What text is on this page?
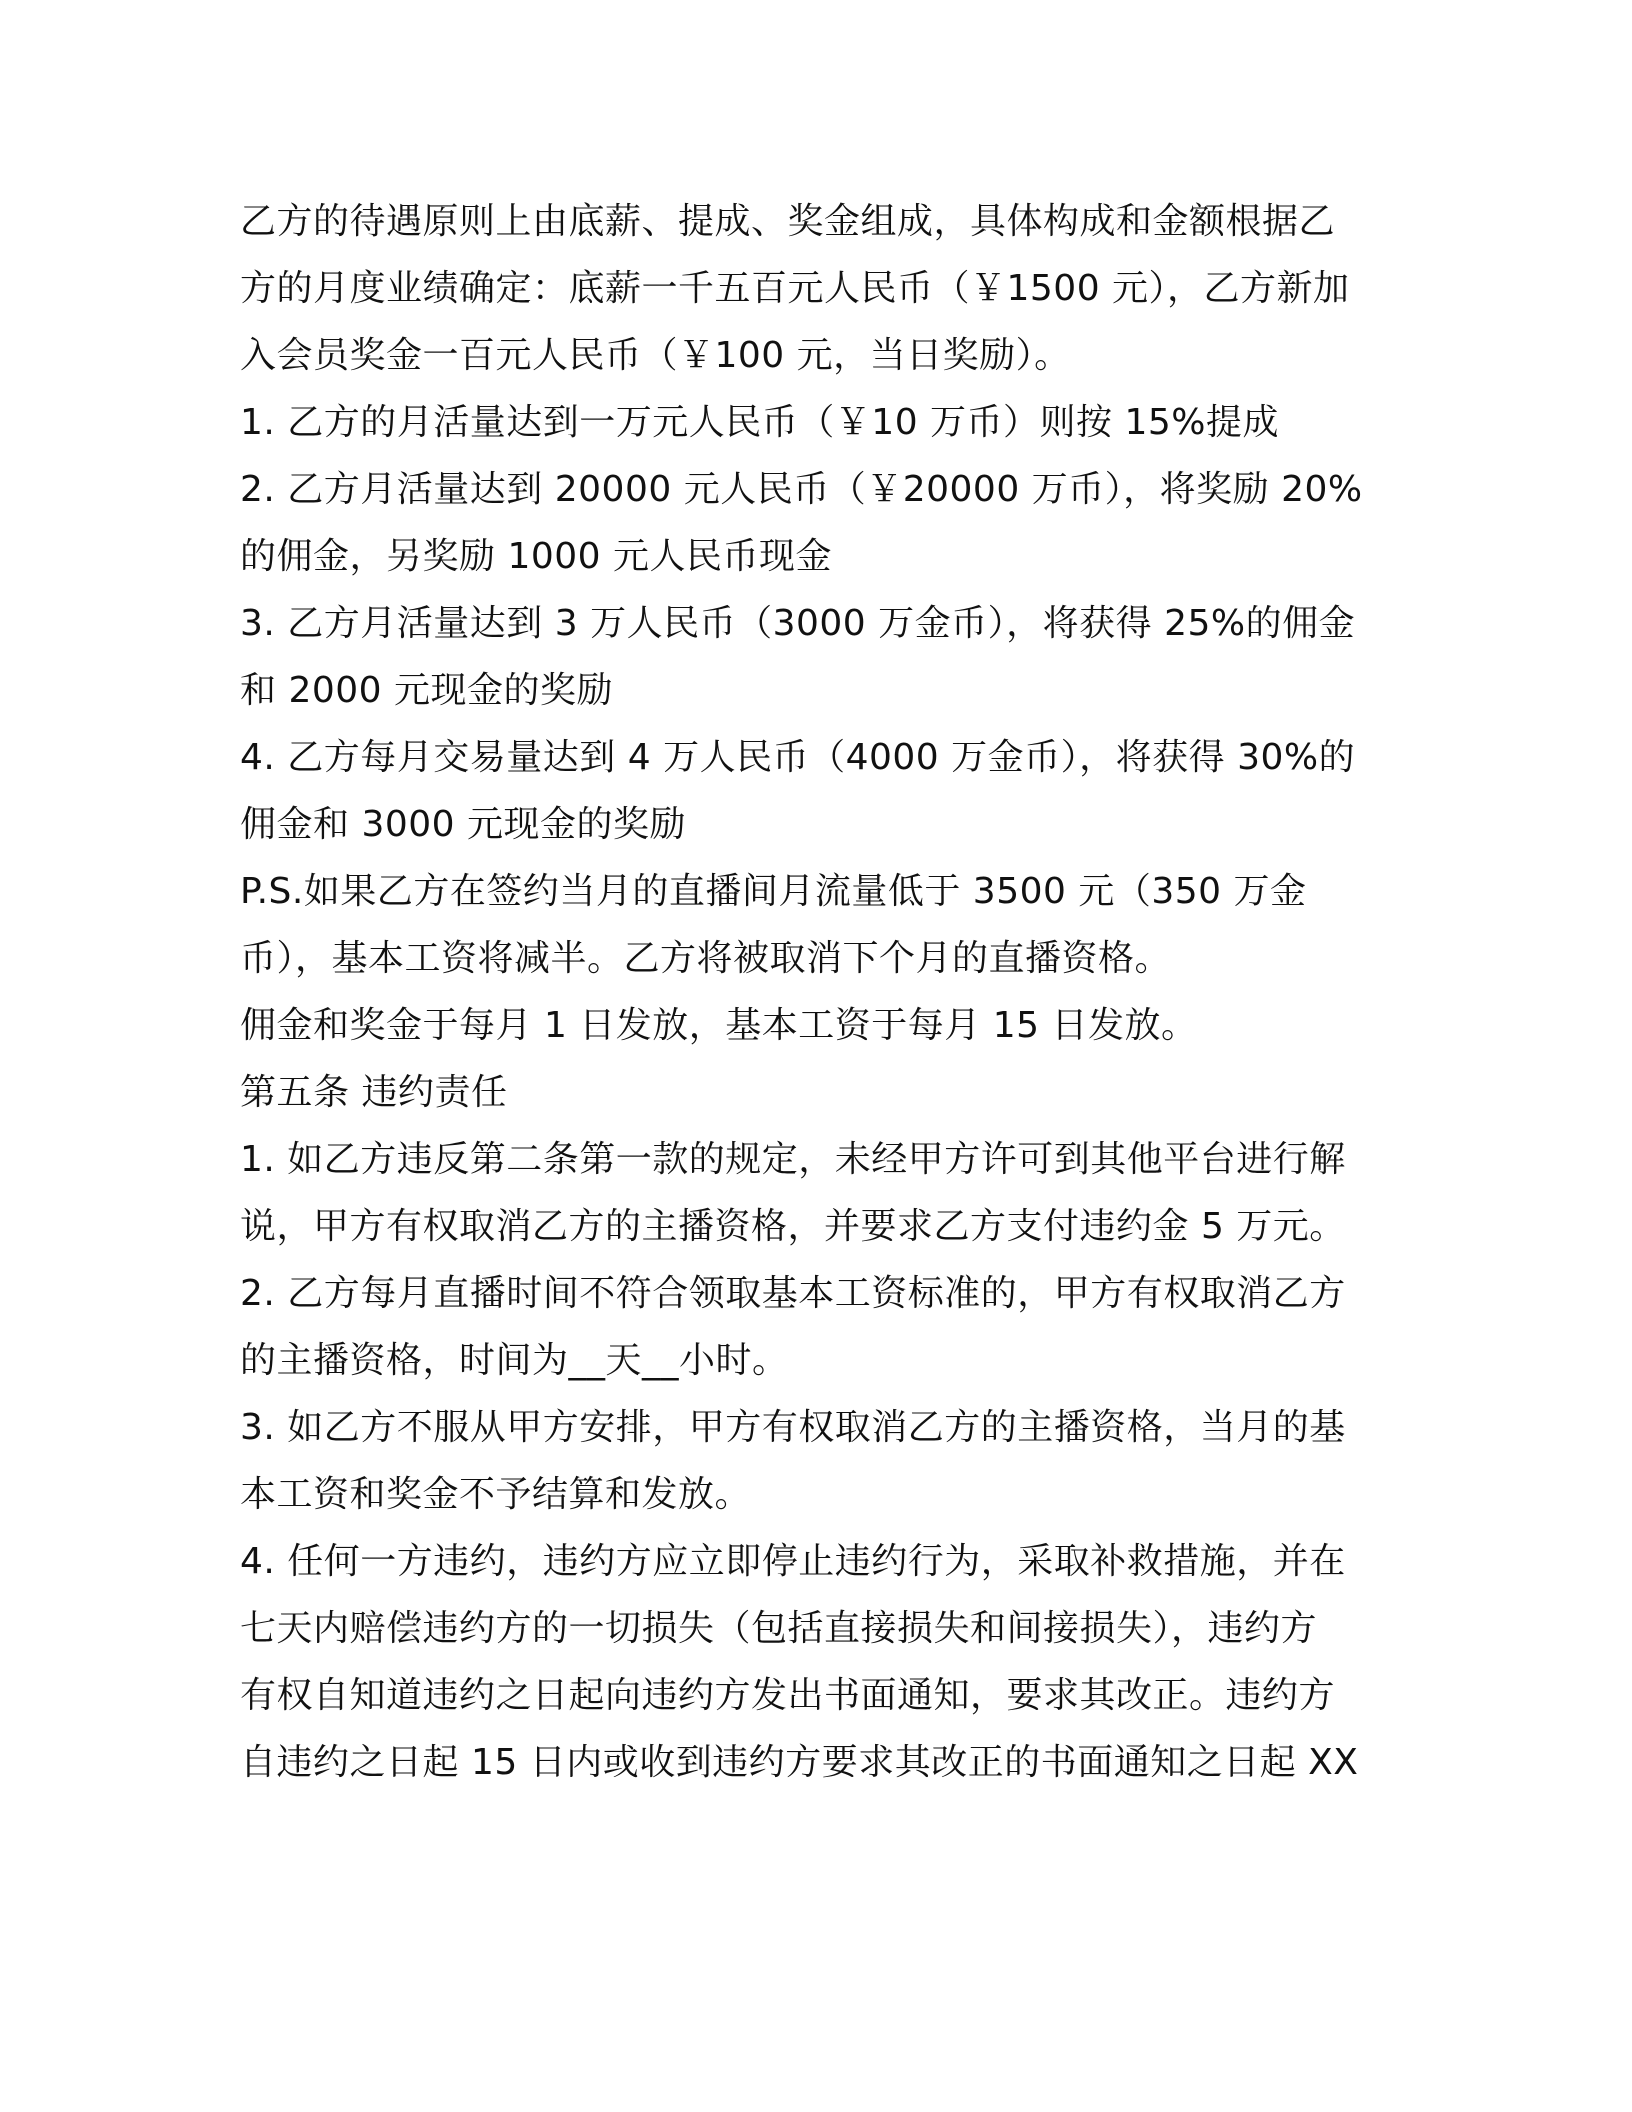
乙方的待遇原则上由底薪、提成、奖金组成，具体构成和金额根据乙
方的月度业绩确定：底薪一千五百元人民币（￥1500 元），乙方新加
入会员奖金一百元人民币（￥100 元，当日奖励）。
1. 乙方的月活量达到一万元人民币（￥10 万币）则按 15%提成
2. 乙方月活量达到 20000 元人民币（￥20000 万币），将奖励 20%
的佣金，另奖励 1000 元人民币现金
3. 乙方月活量达到 3 万人民币（3000 万金币），将获得 25%的佣金
和 2000 元现金的奖励
4. 乙方每月交易量达到 4 万人民币（4000 万金币），将获得 30%的
佣金和 3000 元现金的奖励
P.S.如果乙方在签约当月的直播间月流量低于 3500 元（350 万金
币），基本工资将减半。乙方将被取消下个月的直播资格。
佣金和奖金于每月 1 日发放，基本工资于每月 15 日发放。
第五条 违约责任
1. 如乙方违反第二条第一款的规定，未经甲方许可到其他平台进行解
说，甲方有权取消乙方的主播资格，并要求乙方支付违约金 5 万元。
2. 乙方每月直播时间不符合领取基本工资标准的，甲方有权取消乙方
的主播资格，时间为__天__小时。
3. 如乙方不服从甲方安排，甲方有权取消乙方的主播资格，当月的基
本工资和奖金不予结算和发放。
4. 任何一方违约，违约方应立即停止违约行为，采取补救措施，并在
七天内赔偿违约方的一切损失（包括直接损失和间接损失），违约方
有权自知道违约之日起向违约方发出书面通知，要求其改正。违约方
自违约之日起 15 日内或收到违约方要求其改正的书面通知之日起 XX
